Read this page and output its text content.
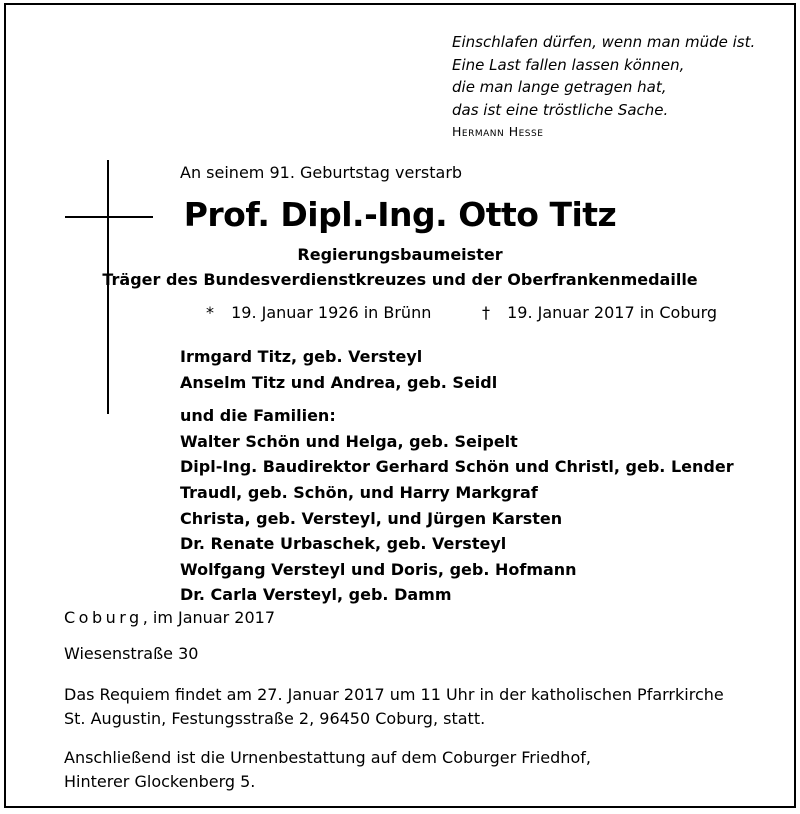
Einschlafen dürfen, wenn man müde ist.
Eine Last fallen lassen können,
die man lange getragen hat,
das ist eine tröstliche Sache.
Hermann Hesse
An seinem 91. Geburtstag verstarb
Prof. Dipl.-Ing. Otto Titz
Regierungsbaumeister
Träger des Bundesverdienstkreuzes und der Oberfrankenmedaille
* 19. Januar 1926 in Brünn	† 19. Januar 2017 in Coburg
Irmgard Titz, geb. Versteyl
Anselm Titz und Andrea, geb. Seidl
und die Familien:
Walter Schön und Helga, geb. Seipelt
Dipl-Ing. Baudirektor Gerhard Schön und Christl, geb. Lender
Traudl, geb. Schön, und Harry Markgraf
Christa, geb. Versteyl, und Jürgen Karsten
Dr. Renate Urbaschek, geb. Versteyl
Wolfgang Versteyl und Doris, geb. Hofmann
Dr. Carla Versteyl, geb. Damm
Coburg, im Januar 2017
Wiesenstraße 30
Das Requiem findet am 27. Januar 2017 um 11 Uhr in der katholischen Pfarrkirche
St. Augustin, Festungsstraße 2, 96450 Coburg, statt.
Anschließend ist die Urnenbestattung auf dem Coburger Friedhof,
Hinterer Glockenberg 5.
